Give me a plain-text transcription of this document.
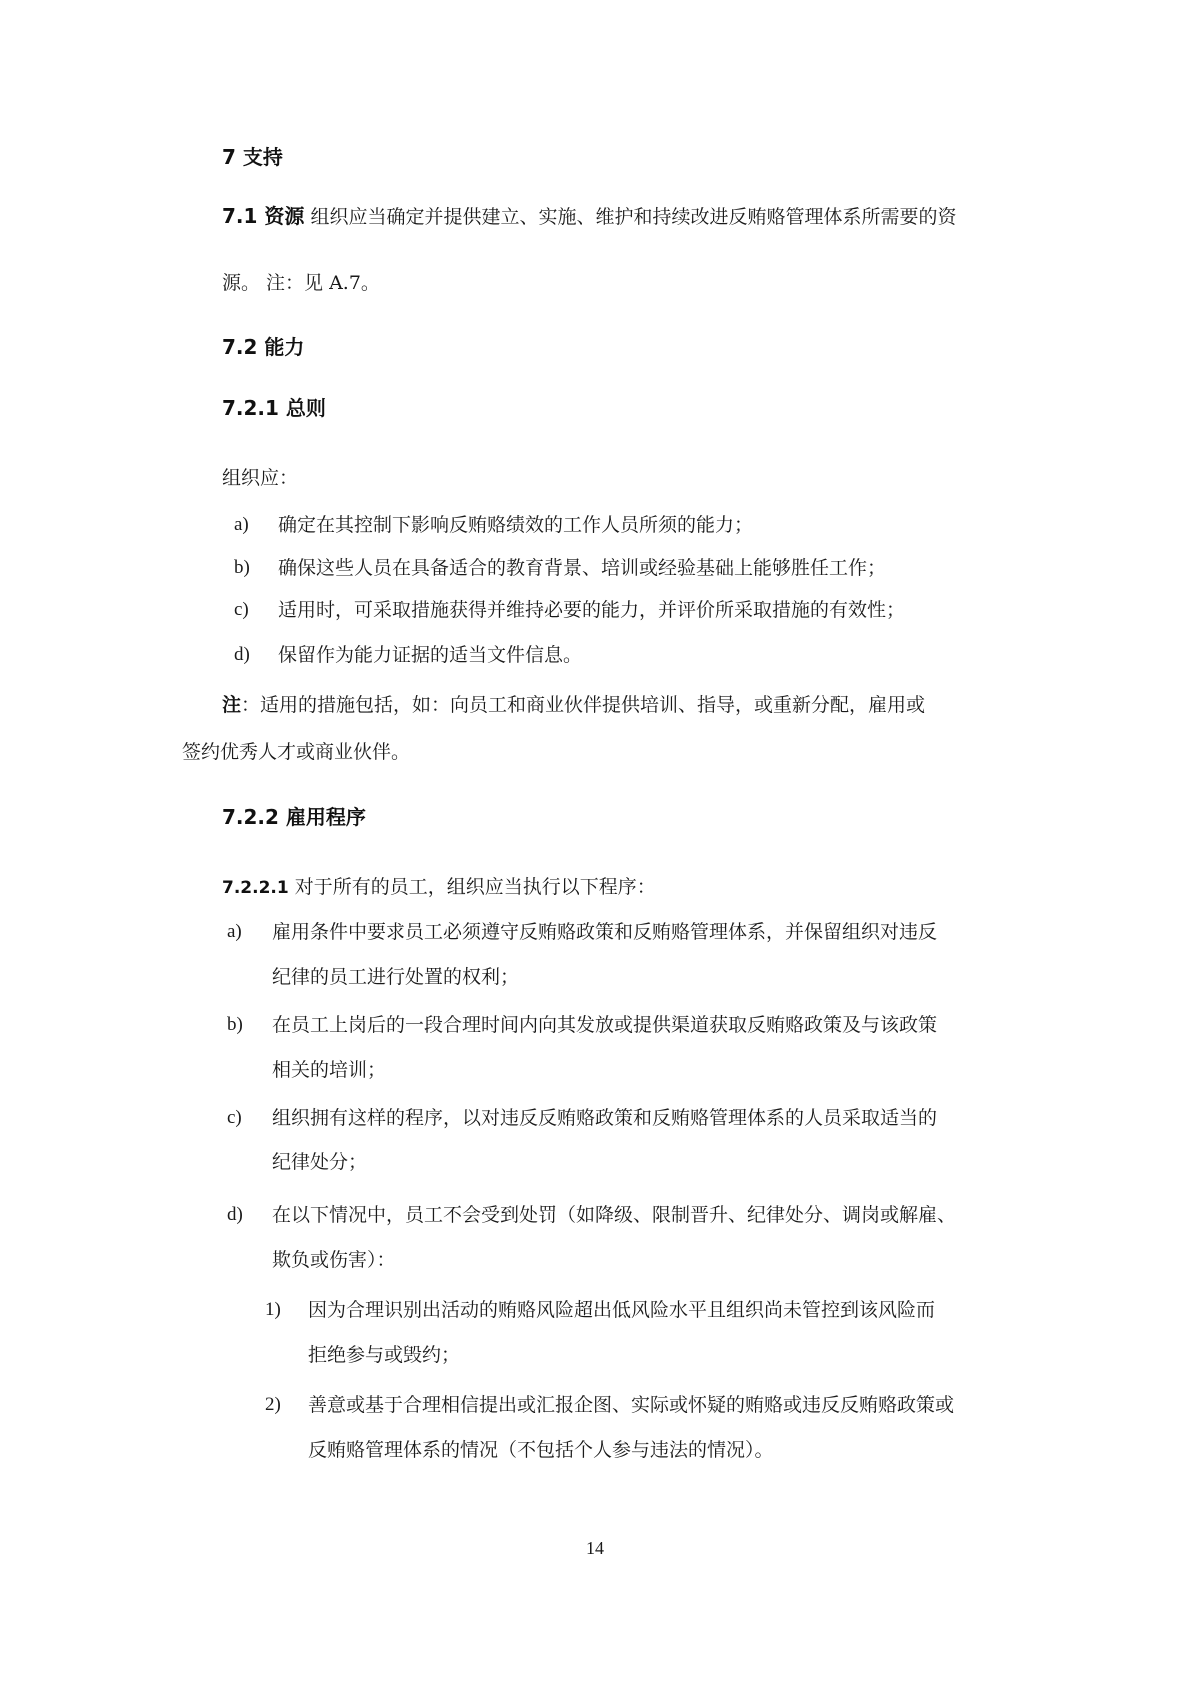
7 支持
7.1 资源 组织应当确定并提供建立、实施、维护和持续改进反贿赂管理体系所需要的资
源。 注：见 A.7。
7.2 能力
7.2.1 总则
组织应：
a) 确定在其控制下影响反贿赂绩效的工作人员所须的能力；
b) 确保这些人员在具备适合的教育背景、培训或经验基础上能够胜任工作；
c) 适用时，可采取措施获得并维持必要的能力，并评价所采取措施的有效性；
d) 保留作为能力证据的适当文件信息。
注：适用的措施包括，如：向员工和商业伙伴提供培训、指导，或重新分配，雇用或
签约优秀人才或商业伙伴。
7.2.2 雇用程序
7.2.2.1 对于所有的员工，组织应当执行以下程序：
a) 雇用条件中要求员工必须遵守反贿赂政策和反贿赂管理体系，并保留组织对违反
纪律的员工进行处置的权利；
b) 在员工上岗后的一段合理时间内向其发放或提供渠道获取反贿赂政策及与该政策
相关的培训；
c) 组织拥有这样的程序，以对违反反贿赂政策和反贿赂管理体系的人员采取适当的
纪律处分；
d) 在以下情况中，员工不会受到处罚（如降级、限制晋升、纪律处分、调岗或解雇、
欺负或伤害）：
1) 因为合理识别出活动的贿赂风险超出低风险水平且组织尚未管控到该风险而
拒绝参与或毁约；
2) 善意或基于合理相信提出或汇报企图、实际或怀疑的贿赂或违反反贿赂政策或
反贿赂管理体系的情况（不包括个人参与违法的情况）。
14
